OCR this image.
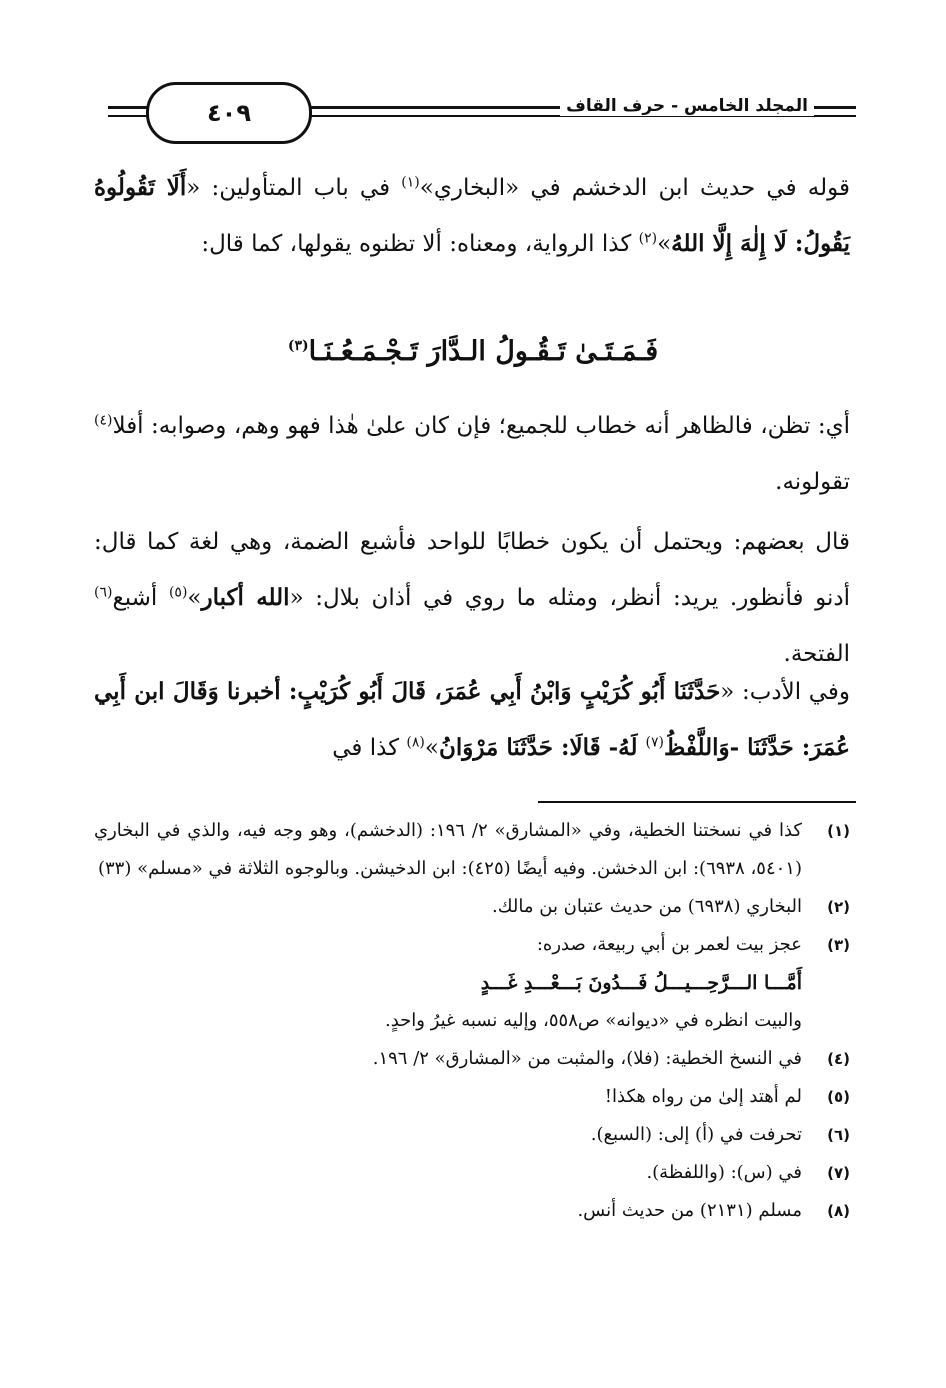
٤٠٩	المجلد الخامس - حرف القاف
قوله في حديث ابن الدخشم في «البخاري»$^{(١)}$ في باب المتأولين: «أَلَا تَقُولُوهُ يَقُولُ: لَا إِلٰهَ إِلَّا اللهُ»$^{(٢)}$ كذا الرواية، ومعناه: ألا تظنوه يقولها، كما قال:
فَـمَـتَـىٰ تَـقُـولُ الـدَّارَ تَـجْـمَـعُـنَـا$^{(٣)}$
أي: تظن، فالظاهر أنه خطاب للجميع؛ فإن كان علىٰ هٰذا فهو وهم، وصوابه: أفلا$^{(٤)}$ تقولونه.
قال بعضهم: ويحتمل أن يكون خطابًا للواحد فأشبع الضمة، وهي لغة كما قال: أدنو فأنظور. يريد: أنظر، ومثله ما روي في أذان بلال: «الله أكبار»$^{(٥)}$ أشبع$^{(٦)}$ الفتحة.
وفي الأدب: «حَدَّثَنَا أَبُو كُرَيْبٍ وَابْنُ أَبِي عُمَرَ، قَالَ أَبُو كُرَيْبٍ: أخبرنا وَقَالَ ابن أَبِي عُمَرَ: حَدَّثَنَا -وَاللَّفْظُ$^{(٧)}$ لَهُ- قَالَا: حَدَّثَنَا مَرْوَانُ»$^{(٨)}$ كذا في
(١)
كذا في نسختنا الخطية، وفي «المشارق» ٢/ ١٩٦: (الدخشم)، وهو وجه فيه، والذي في البخاري (٥٤٠١، ٦٩٣٨): ابن الدخشن. وفيه أيضًا (٤٢٥): ابن الدخيشن. وبالوجوه الثلاثة في «مسلم» (٣٣)
(٢)
البخاري (٦٩٣٨) من حديث عتبان بن مالك.
(٣)
عجز بيت لعمر بن أبي ربيعة، صدره:
أَمَّـــا الـــرَّحِـــيـــلُ فَـــدُونَ بَـــعْـــدِ غَـــدٍ
والبيت انظره في «ديوانه» ص٥٥٨، وإليه نسبه غيرُ واحدٍ.
(٤)
في النسخ الخطية: (فلا)، والمثبت من «المشارق» ٢/ ١٩٦.
(٥)
لم أهتد إلىٰ من رواه هكذا!
(٦)
تحرفت في (أ) إلى: (السبع).
(٧)
في (س): (واللفظة).
(٨)
مسلم (٢١٣١) من حديث أنس.
